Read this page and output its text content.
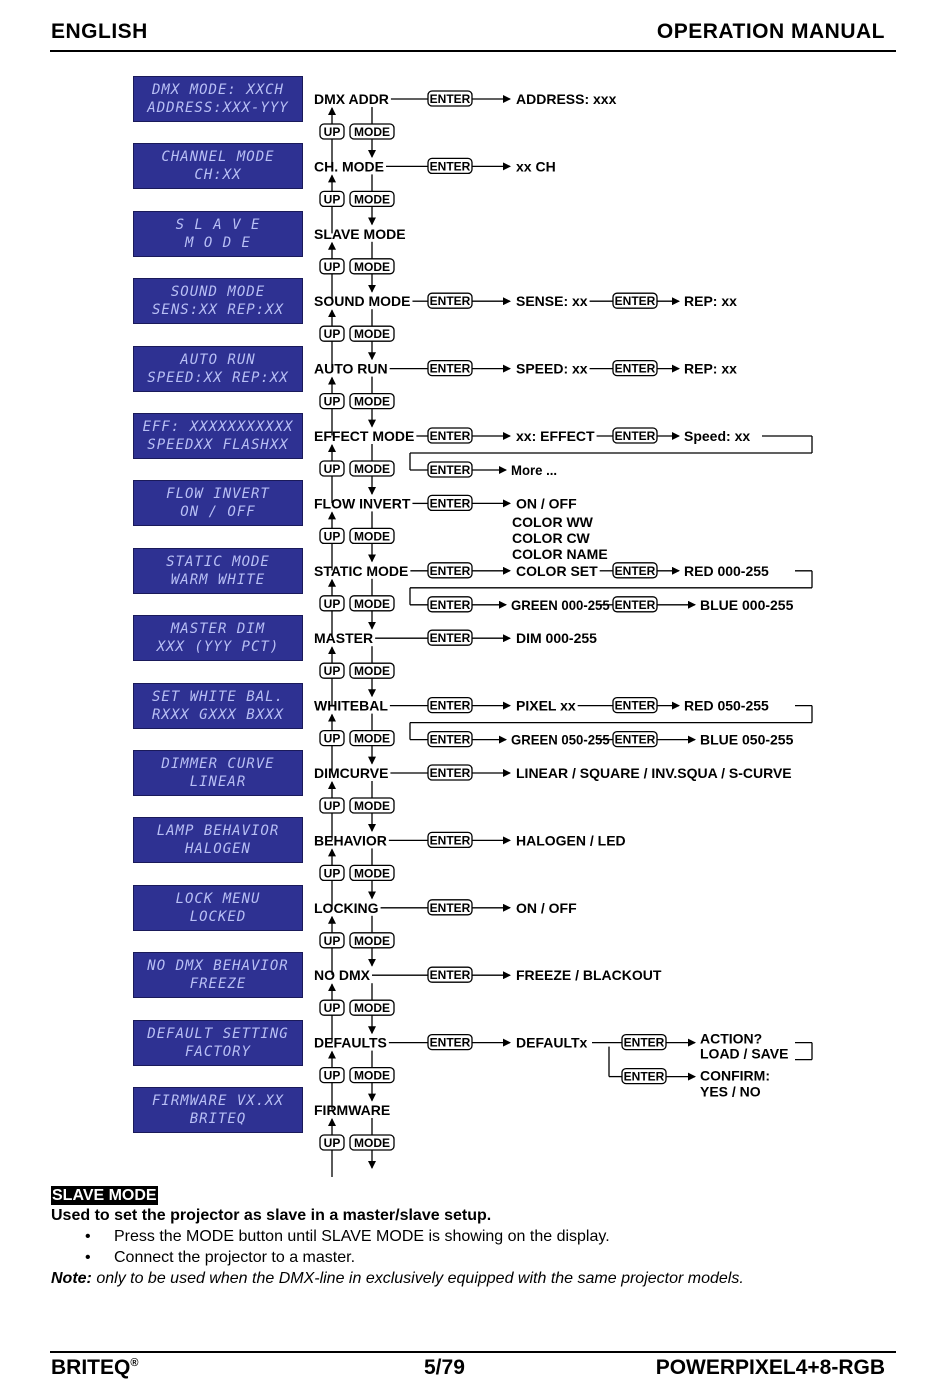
ENGLISH	OPERATION MANUAL
DMX MODE: XXCH
ADDRESS:XXX-YYY
CHANNEL MODE
CH:XX
S L A V E
M O D E
SOUND MODE
SENS:XX REP:XX
AUTO RUN
SPEED:XX REP:XX
EFF: XXXXXXXXXXX
SPEEDXX FLASHXX
FLOW INVERT
ON / OFF
STATIC MODE
WARM WHITE
MASTER DIM
XXX (YYY PCT)
SET WHITE BAL.
RXXX GXXX BXXX
DIMMER CURVE
LINEAR
LAMP BEHAVIOR
HALOGEN
LOCK MENU
LOCKED
NO DMX BEHAVIOR
FREEZE
DEFAULT SETTING
FACTORY
FIRMWARE VX.XX
BRITEQ
DMX ADDR	ENTER	ADDRESS: xxx
UP MODE
CH. MODE	ENTER	xx CH
UP MODE
SLAVE MODE
UP MODE
SOUND MODE ENTER	SENSE: xx ENTER REP: xx
UP MODE
AUTO RUN	ENTER	SPEED: xx ENTER REP: xx
UP MODE
EFFECT MODE ENTER	xx: EFFECT ENTER Speed: xx
ENTER	More ...
UP MODE
FLOW INVERT ENTER	ON / OFF
UP MODE
STATIC MODE ENTER	COLOR SET ENTER RED 000-255
ENTER	GREEN 000-255 ENTER	BLUE 000-255
UP MODE
MASTER	ENTER	DIM 000-255
UP MODE
WHITEBAL	ENTER	PIXEL xx	ENTER RED 050-255
ENTER	GREEN 050-255 ENTER	BLUE 050-255
UP MODE
DIMCURVE	ENTER	LINEAR / SQUARE / INV.SQUA / S-CURVE
UP MODE
BEHAVIOR	ENTER	HALOGEN / LED
UP MODE
LOCKING	ENTER	ON / OFF
UP MODE
NO DMX	ENTER	FREEZE / BLACKOUT
UP MODE
DEFAULTS	ENTER	DEFAULTx	ENTER	ACTION?
LOAD / SAVE
ENTER	CONFIRM:
YES / NO
UP MODE
FIRMWARE
UP MODE
COLOR WW
COLOR CW
COLOR NAME
SLAVE MODE
Used to set the projector as slave in a master/slave setup.
• Press the MODE button until SLAVE MODE is showing on the display.
• Connect the projector to a master.
Note: only to be used when the DMX-line in exclusively equipped with the same projector models.
BRITEQ®	5/79	POWERPIXEL4+8-RGB
